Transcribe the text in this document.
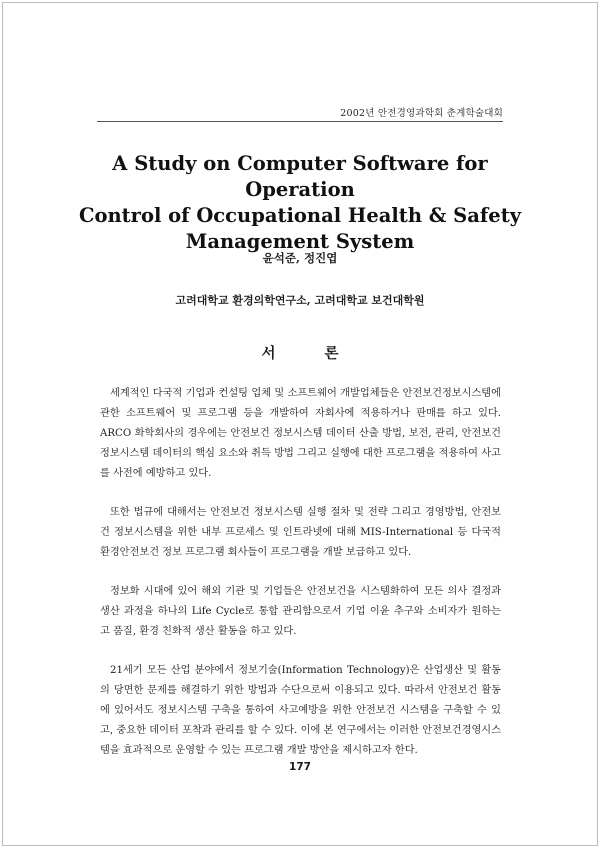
2002년 안전경영과학회 춘계학술대회
A Study on Computer Software for Operation
Control of Occupational Health & Safety
Management System
윤석준, 정진엽
고려대학교 환경의학연구소, 고려대학교 보건대학원
서 론

세계적인 다국적 기업과 컨설팅 업체 및 소프트웨어 개발업체들은 안전보건정보시스템에 관한 소프트웨어 및 프로그램 등을 개발하여 자회사에 적용하거나 판매를 하고 있다. ARCO 화학회사의 경우에는 안전보건 정보시스템 데이터 산출 방법, 보전, 관리, 안전보건 정보시스템 데이터의 핵심 요소와 취득 방법 그리고 실행에 대한 프로그램을 적용하여 사고를 사전에 예방하고 있다.

또한 법규에 대해서는 안전보건 정보시스템 실행 절차 및 전략 그리고 경영방법, 안전보건 정보시스템을 위한 내부 프로세스 및 인트라넷에 대해 MIS-International 등 다국적 환경안전보건 정보 프로그램 회사들이 프로그램을 개발 보급하고 있다.

정보화 시대에 있어 해외 기관 및 기업들은 안전보건을 시스템화하여 모든 의사 결정과 생산 과정을 하나의 Life Cycle로 통합 관리함으로서 기업 이윤 추구와 소비자가 원하는 고 품질, 환경 친화적 생산 활동을 하고 있다.

21세기 모든 산업 분야에서 정보기술(Information Technology)은 산업생산 및 활동의 당면한 문제를 해결하기 위한 방법과 수단으로써 이용되고 있다. 따라서 안전보건 활동에 있어서도 정보시스템 구축을 통하여 사고예방을 위한 안전보건 시스템을 구축할 수 있고, 중요한 데이터 포착과 관리를 할 수 있다. 이에 본 연구에서는 이러한 안전보건경영시스템을 효과적으로 운영할 수 있는 프로그램 개발 방안을 제시하고자 한다.

177
